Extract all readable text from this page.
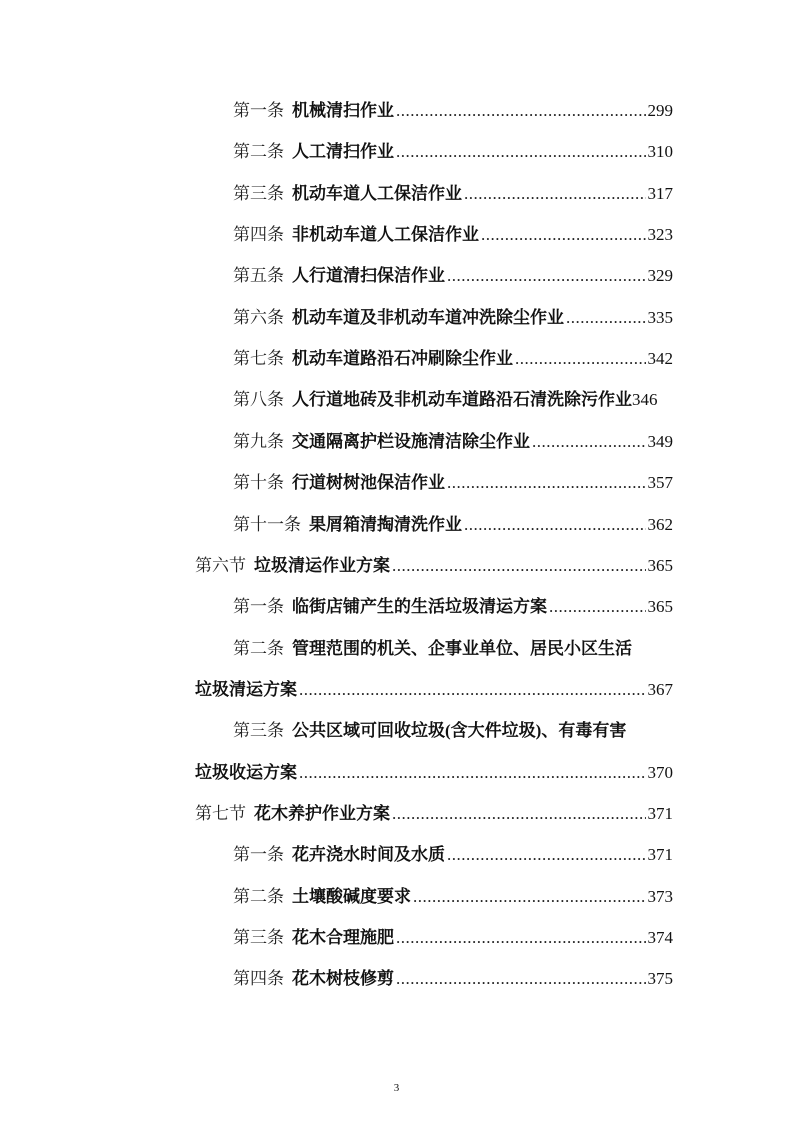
第一条 机械清扫作业 .....	299
第二条 人工清扫作业 .....	310
第三条 机动车道人工保洁作业 .....	317
第四条 非机动车道人工保洁作业 .....	323
第五条 人行道清扫保洁作业 .....	329
第六条 机动车道及非机动车道冲洗除尘作业 .....	335
第七条 机动车道路沿石冲刷除尘作业 .....	342
第八条 人行道地砖及非机动车道路沿石清洗除污作业 346
第九条 交通隔离护栏设施清洁除尘作业 .....	349
第十条 行道树树池保洁作业 .....	357
第十一条 果屑箱清掏清洗作业 .....	362
第六节 垃圾清运作业方案 .....	365
第一条 临街店铺产生的生活垃圾清运方案 .....	365
第二条 管理范围的机关、企事业单位、居民小区生活
垃圾清运方案 .....	367
第三条 公共区域可回收垃圾(含大件垃圾)、有毒有害
垃圾收运方案 .....	370
第七节 花木养护作业方案 .....	371
第一条 花卉浇水时间及水质 .....	371
第二条 土壤酸碱度要求 .....	373
第三条 花木合理施肥 .....	374
第四条 花木树枝修剪 .....	375
3
